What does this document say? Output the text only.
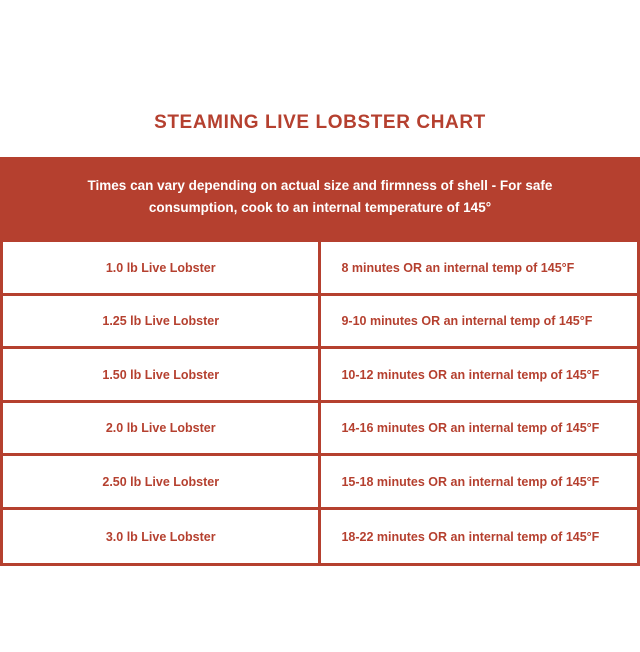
STEAMING LIVE LOBSTER CHART
Times can vary depending on actual size and firmness of shell - For safe
consumption, cook to an internal temperature of 145°
1.0 lb Live Lobster	8 minutes OR an internal temp of 145°F
1.25 lb Live Lobster	9-10 minutes OR an internal temp of 145°F
1.50 lb Live Lobster	10-12 minutes OR an internal temp of 145°F
2.0 lb Live Lobster	14-16 minutes OR an internal temp of 145°F
2.50 lb Live Lobster	15-18 minutes OR an internal temp of 145°F
3.0 lb Live Lobster	18-22 minutes OR an internal temp of 145°F
